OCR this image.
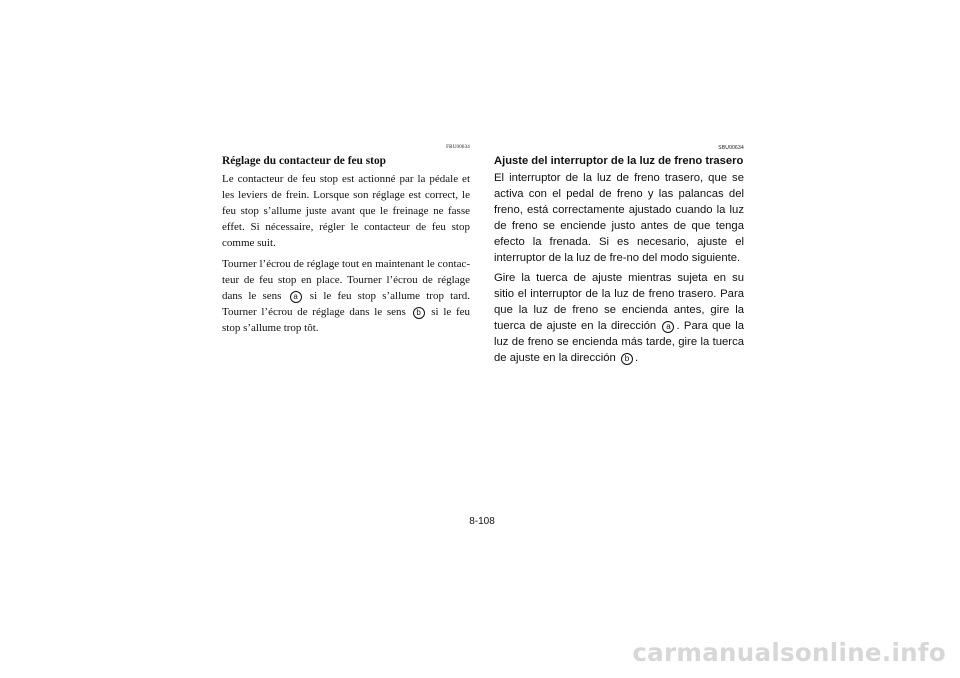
FBU00634
Réglage du contacteur de feu stop

Le contacteur de feu stop est actionné par la pédale et les leviers de frein. Lorsque son réglage est correct, le feu stop s’allume juste avant que le freinage ne fasse effet. Si nécessaire, régler le contacteur de feu stop comme suit.

Tourner l’écrou de réglage tout en maintenant le contac-teur de feu stop en place. Tourner l’écrou de réglage dans le sens a si le feu stop s’allume trop tard. Tourner l’écrou de réglage dans le sens b si le feu stop s’allume trop tôt.

SBU00634
Ajuste del interruptor de la luz de freno trasero

El interruptor de la luz de freno trasero, que se activa con el pedal de freno y las palancas del freno, está correctamente ajustado cuando la luz de freno se enciende justo antes de que tenga efecto la frenada. Si es necesario, ajuste el interruptor de la luz de fre-no del modo siguiente.

Gire la tuerca de ajuste mientras sujeta en su sitio el interruptor de la luz de freno trasero. Para que la luz de freno se encienda antes, gire la tuerca de ajuste en la dirección a . Para que la luz de freno se encienda más tarde, gire la tuerca de ajuste en la dirección b .

8-108
carmanualsonline.info
